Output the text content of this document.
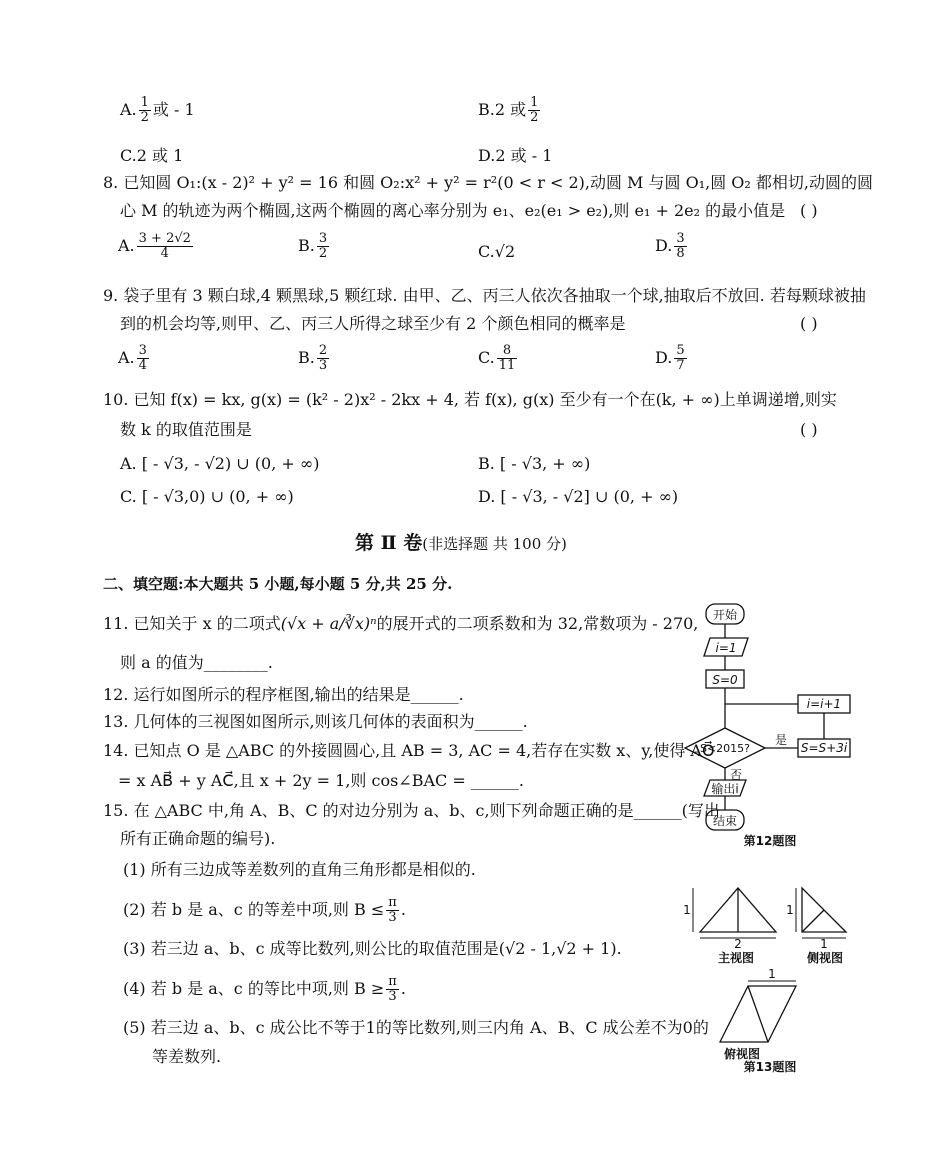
A. $\frac{1}{2}$ 或 - 1	B.2 或 $\frac{1}{2}$
C.2 或 1	D.2 或 - 1
8. 已知圆 O₁:(x - 2)² + y² = 16 和圆 O₂:x² + y² = r²(0 < r < 2),动圆 M 与圆 O₁,圆 O₂ 都相切,动圆的圆
心 M 的轨迹为两个椭圆,这两个椭圆的离心率分别为 e₁、e₂(e₁ > e₂),则 e₁ + 2e₂ 的最小值是 ( )
A. $\frac{3 + 2√2}{4}$	B. $\frac{3}{2}$	C.√2	D. $\frac{3}{8}$
9. 袋子里有 3 颗白球,4 颗黑球,5 颗红球. 由甲、乙、丙三人依次各抽取一个球,抽取后不放回. 若每颗球被抽
到的机会均等,则甲、乙、丙三人所得之球至少有 2 个颜色相同的概率是	( )
A. $\frac{3}{4}$	B. $\frac{2}{3}$	C. $\frac{8}{11}$	D. $\frac{5}{7}$
10. 已知 f(x) = kx, g(x) = (k² - 2)x² - 2kx + 4, 若 f(x), g(x) 至少有一个在(k, + ∞)上单调递增,则实
数 k 的取值范围是	( )
A. [ - √3, - √2) ∪ (0, + ∞)	B. [ - √3, + ∞)
C. [ - √3,0) ∪ (0, + ∞)	D. [ - √3, - √2] ∪ (0, + ∞)
第 Ⅱ 卷(非选择题 共 100 分)
二、填空题:本大题共 5 小题,每小题 5 分,共 25 分.
11. 已知关于 x 的二项式(√x + a/∛x)ⁿ的展开式的二项系数和为 32,常数项为 - 270,
则 a 的值为________.
12. 运行如图所示的程序框图,输出的结果是______.
13. 几何体的三视图如图所示,则该几何体的表面积为______.
14. 已知点 O 是 △ABC 的外接圆圆心,且 AB = 3, AC = 4,若存在实数 x、y,使得 AO⃗
= x AB⃗ + y AC⃗,且 x + 2y = 1,则 cos∠BAC = ______.
15. 在 △ABC 中,角 A、B、C 的对边分别为 a、b、c,则下列命题正确的是______(写出
所有正确命题的编号).
(1) 所有三边成等差数列的直角三角形都是相似的.
(2) 若 b 是 a、c 的等差中项,则 $B \le \frac{\pi}{3}$ .
(3) 若三边 a、b、c 成等比数列,则公比的取值范围是(√2 - 1,√2 + 1).
(4) 若 b 是 a、c 的等比中项,则 $B \ge \frac{\pi}{3}$ .
(5) 若三边 a、b、c 成公比不等于1的等比数列,则三内角 A、B、C 成公差不为0的
等差数列.
开始
i=1
S=0
S<2015?
是
S=S+3i
i=i+1
否
输出i
结束
第12题图
1
2
主视图
1
1
侧视图
1
俯视图
第13题图
